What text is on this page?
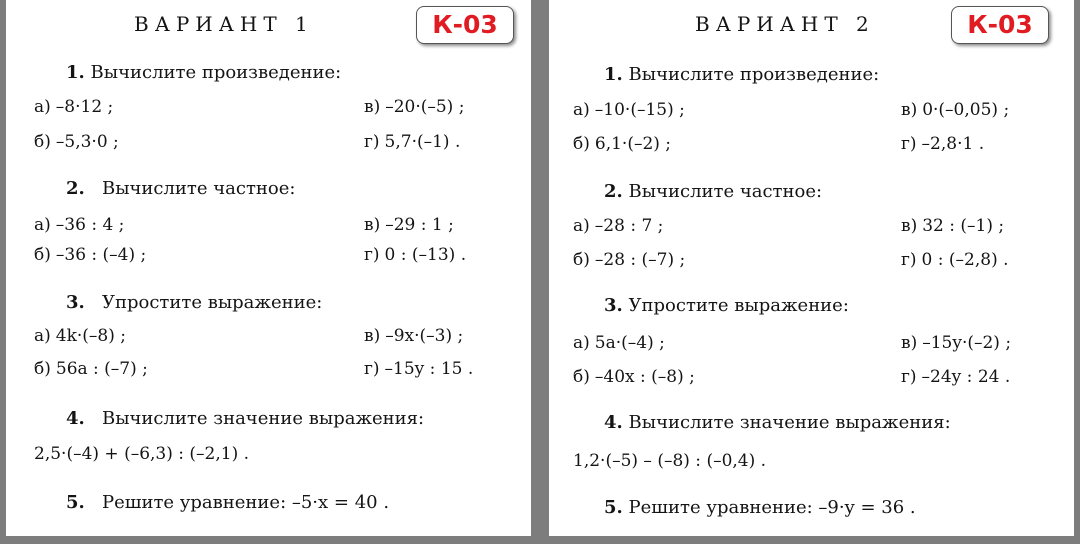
ВАРИАНТ 1	К-03
1. Вычислите произведение:
а) –8·12 ;	в) –20·(–5) ;
б) –5,3·0 ;	г) 5,7·(–1) .
2. Вычислите частное:
а) –36 : 4 ;	в) –29 : 1 ;
б) –36 : (–4) ;	г) 0 : (–13) .
3. Упростите выражение:
а) 4k·(–8) ;	в) –9x·(–3) ;
б) 56a : (–7) ;	г) –15y : 15 .
4. Вычислите значение выражения:
2,5·(–4) + (–6,3) : (–2,1) .
5. Решите уравнение: –5·x = 40 .
ВАРИАНТ 2	К-03
1. Вычислите произведение:
а) –10·(–15) ;	в) 0·(–0,05) ;
б) 6,1·(–2) ;	г) –2,8·1 .
2. Вычислите частное:
а) –28 : 7 ;	в) 32 : (–1) ;
б) –28 : (–7) ;	г) 0 : (–2,8) .
3. Упростите выражение:
а) 5a·(–4) ;	в) –15y·(–2) ;
б) –40x : (–8) ;	г) –24y : 24 .
4. Вычислите значение выражения:
1,2·(–5) – (–8) : (–0,4) .
5. Решите уравнение: –9·y = 36 .
